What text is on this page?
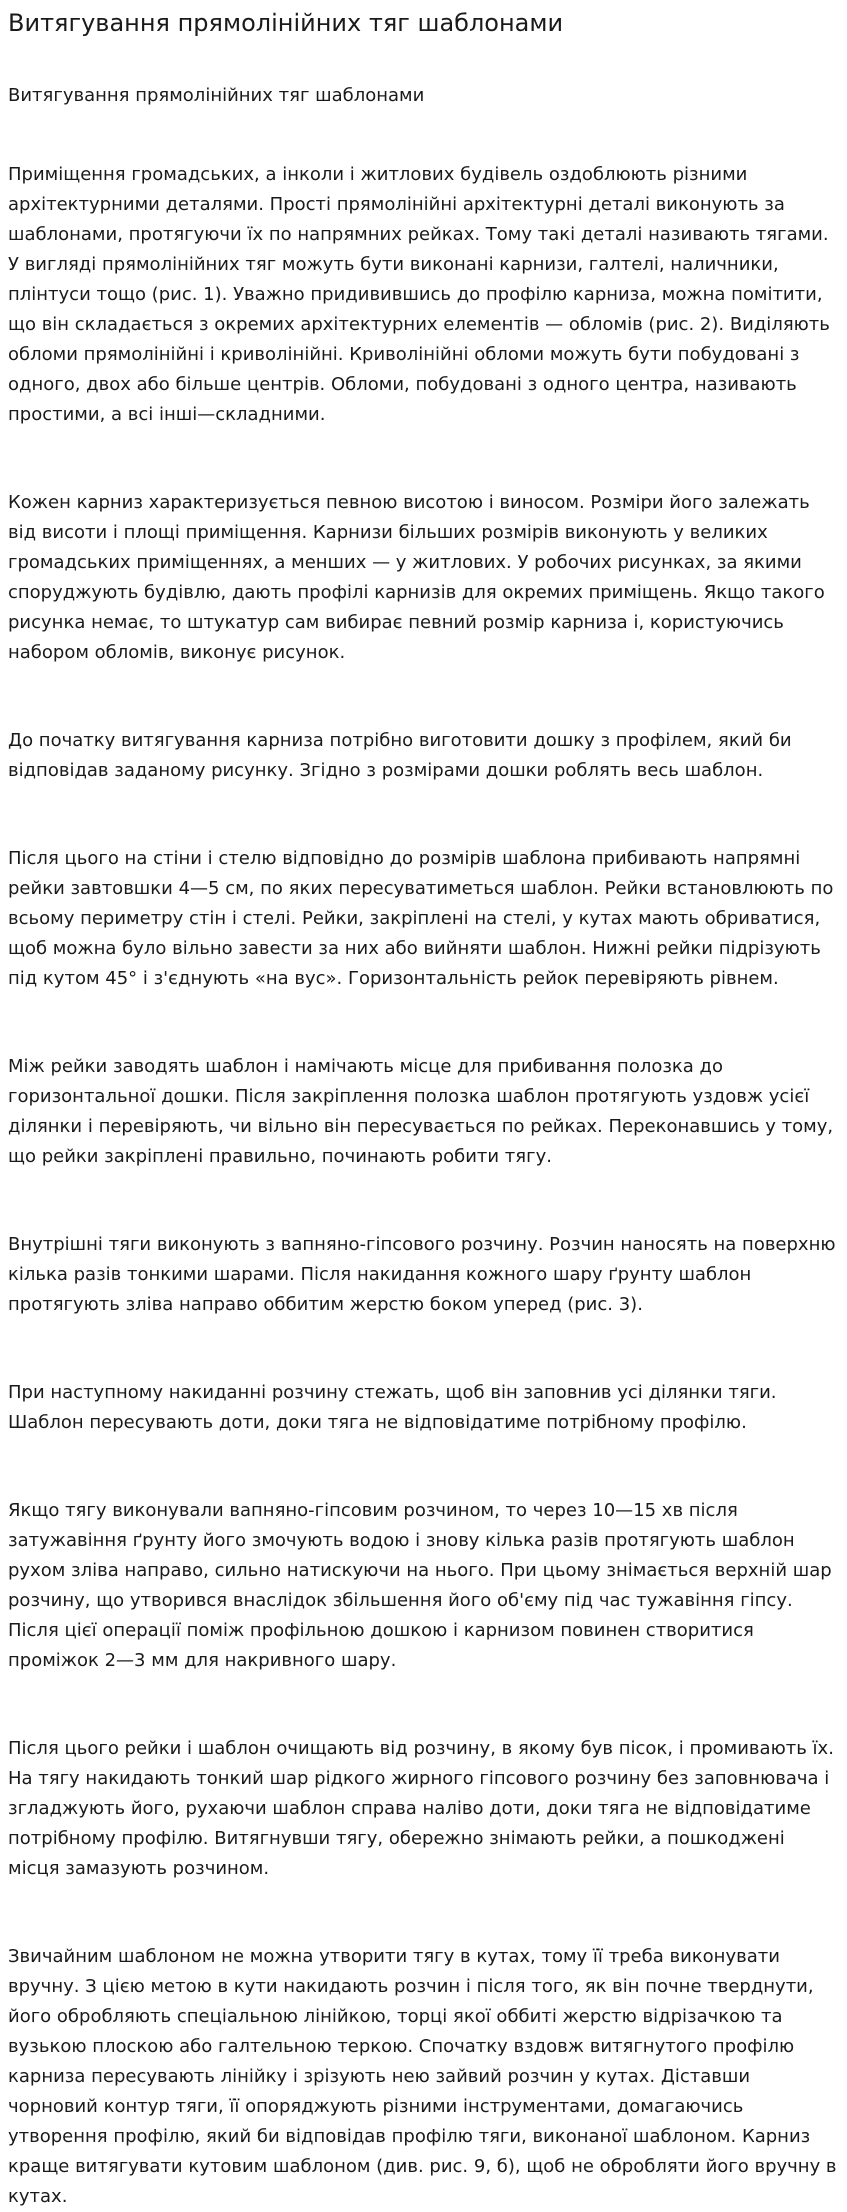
Витягування прямолінійних тяг шаблонами
Витягування прямолінійних тяг шаблонами

Приміщення громадських, а інколи і житлових будівель оздоблюють різними архітектурними деталями. Прості прямолінійні архітектурні деталі виконують за шаблонами, протягуючи їх по напрямних рейках. Тому такі деталі називають тягами. У вигляді прямолінійних тяг можуть бути виконані карнизи, галтелі, наличники, плінтуси тощо (рис. 1). Уважно придивившись до профілю карниза, можна помітити, що він складається з окремих архітектурних елементів — обломів (рис. 2). Виділяють обломи прямолінійні і криволінійні. Криволінійні обломи можуть бути побудовані з одного, двох або більше центрів. Обломи, побудовані з одного центра, називають простими, а всі інші—складними.

Кожен карниз характеризується певною висотою і виносом. Розміри його залежать від висоти і площі приміщення. Карнизи більших розмірів виконують у великих громадських приміщеннях, а менших — у житлових. У робочих рисунках, за якими споруджують будівлю, дають профілі карнизів для окремих приміщень. Якщо такого рисунка немає, то штукатур сам вибирає певний розмір карниза і, користуючись набором обломів, виконує рисунок.

До початку витягування карниза потрібно виготовити дошку з профілем, який би відповідав заданому рисунку. Згідно з розмірами дошки роблять весь шаблон.

Після цього на стіни і стелю відповідно до розмірів шаблона прибивають напрямні рейки завтовшки 4—5 см, по яких пересуватиметься шаблон. Рейки встановлюють по всьому периметру стін і стелі. Рейки, закріплені на стелі, у кутах мають обриватися, щоб можна було вільно завести за них або вийняти шаблон. Нижні рейки підрізують під кутом 45° і з'єднують «на вус». Горизонтальність рейок перевіряють рівнем.

Між рейки заводять шаблон і намічають місце для прибивання полозка до горизонтальної дошки. Після закріплення полозка шаблон протягують уздовж усієї ділянки і перевіряють, чи вільно він пересувається по рейках. Переконавшись у тому, що рейки закріплені правильно, починають робити тягу.

Внутрішні тяги виконують з вапняно-гіпсового розчину. Розчин наносять на поверхню кілька разів тонкими шарами. Після накидання кожного шару ґрунту шаблон протягують зліва направо оббитим жерстю боком уперед (рис. 3).

При наступному накиданні розчину стежать, щоб він заповнив усі ділянки тяги. Шаблон пересувають доти, доки тяга не відповідатиме потрібному профілю.

Якщо тягу виконували вапняно-гіпсовим розчином, то через 10—15 хв після затужавіння ґрунту його змочують водою і знову кілька разів протягують шаблон рухом зліва направо, сильно натискуючи на нього. При цьому знімається верхній шар розчину, що утворився внаслідок збільшення його об'єму під час тужавіння гіпсу. Після цієї операції поміж профільною дошкою і карнизом повинен створитися проміжок 2—3 мм для накривного шару.

Після цього рейки і шаблон очищають від розчину, в якому був пісок, і промивають їх. На тягу накидають тонкий шар рідкого жирного гіпсового розчину без заповнювача і згладжують його, рухаючи шаблон справа наліво доти, доки тяга не відповідатиме потрібному профілю. Витягнувши тягу, обережно знімають рейки, а пошкоджені місця замазують розчином.

Звичайним шаблоном не можна утворити тягу в кутах, тому її треба виконувати вручну. З цією метою в кути накидають розчин і після того, як він почне тверднути, його обробляють спеціальною лінійкою, торці якої оббиті жерстю відрізачкою та вузькою плоскою або галтельною теркою. Спочатку вздовж витягнутого профілю карниза пересувають лінійку і зрізують нею зайвий розчин у кутах. Діставши чорновий контур тяги, її опоряджують різними інструментами, домагаючись утворення профілю, який би відповідав профілю тяги, виконаної шаблоном. Карниз краще витягувати кутовим шаблоном (див. рис. 9, б), щоб не обробляти його вручну в кутах.
